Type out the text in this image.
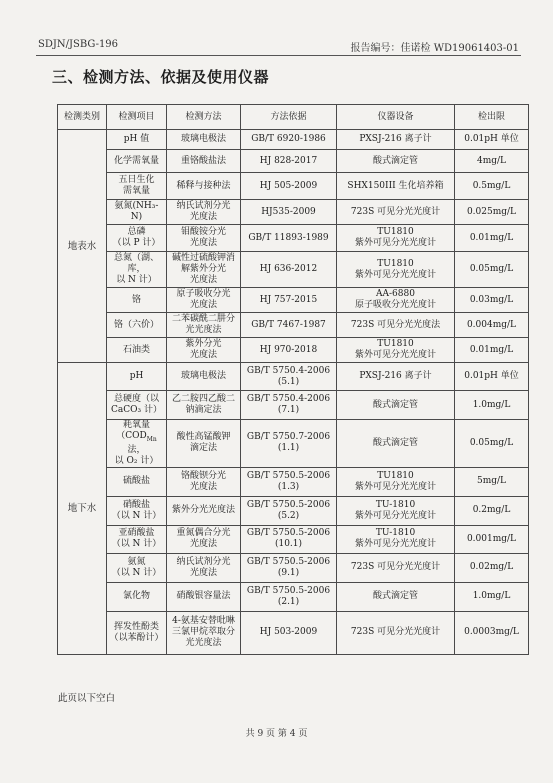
SDJN/JSBG-196	报告编号：佳诺检 WD19061403-01
三、检测方法、依据及使用仪器
检测类别	检测项目	检测方法	方法依据	仪器设备	检出限
地表水	pH 值	玻璃电极法	GB/T 6920-1986	PXSJ-216 离子计	0.01pH 单位
	化学需氧量	重铬酸盐法	HJ 828-2017	酸式滴定管	4mg/L
	五日生化
需氧量	稀释与接种法	HJ 505-2009	SHX150III 生化培养箱	0.5mg/L
	氨氮(NH₃-N)	纳氏试剂分光
光度法	HJ535-2009	723S 可见分光光度计	0.025mg/L
	总磷
（以 P 计）	钼酸铵分光
光度法	GB/T 11893-1989	TU1810
紫外可见分光光度计	0.01mg/L
	总氮（湖、库，
以 N 计）	碱性过硫酸钾消
解紫外分光
光度法	HJ 636-2012	TU1810
紫外可见分光光度计	0.05mg/L
	铬	原子吸收分光
光度法	HJ 757-2015	AA-6880
原子吸收分光光度计	0.03mg/L
	铬（六价）	二苯碳酰二肼分
光光度法	GB/T 7467-1987	723S 可见分光光度法	0.004mg/L
	石油类	紫外分光
光度法	HJ 970-2018	TU1810
紫外可见分光光度计	0.01mg/L
地下水	pH	玻璃电极法	GB/T 5750.4-2006
(5.1)	PXSJ-216 离子计	0.01pH 单位
	总硬度（以
CaCO₃ 计）	乙二胺四乙酸二
钠滴定法	GB/T 5750.4-2006
(7.1)	酸式滴定管	1.0mg/L
	耗氧量
（$COD_{Mn}$ 法，
以 O₂ 计）	酸性高锰酸钾
滴定法	GB/T 5750.7-2006
(1.1)	酸式滴定管	0.05mg/L
	硫酸盐	铬酸钡分光
光度法	GB/T 5750.5-2006
(1.3)	TU1810
紫外可见分光光度计	5mg/L
	硝酸盐
（以 N 计）	紫外分光光度法	GB/T 5750.5-2006
(5.2)	TU-1810
紫外可见分光光度计	0.2mg/L
	亚硝酸盐
（以 N 计）	重氮偶合分光
光度法	GB/T 5750.5-2006
(10.1)	TU-1810
紫外可见分光光度计	0.001mg/L
	氨氮
（以 N 计）	纳氏试剂分光
光度法	GB/T 5750.5-2006
(9.1)	723S 可见分光光度计	0.02mg/L
	氯化物	硝酸银容量法	GB/T 5750.5-2006
(2.1)	酸式滴定管	1.0mg/L
	挥发性酚类
（以苯酚计）	4-氨基安替吡啉
三氯甲烷萃取分
光光度法	HJ 503-2009	723S 可见分光光度计	0.0003mg/L
此页以下空白
共 9 页 第 4 页
